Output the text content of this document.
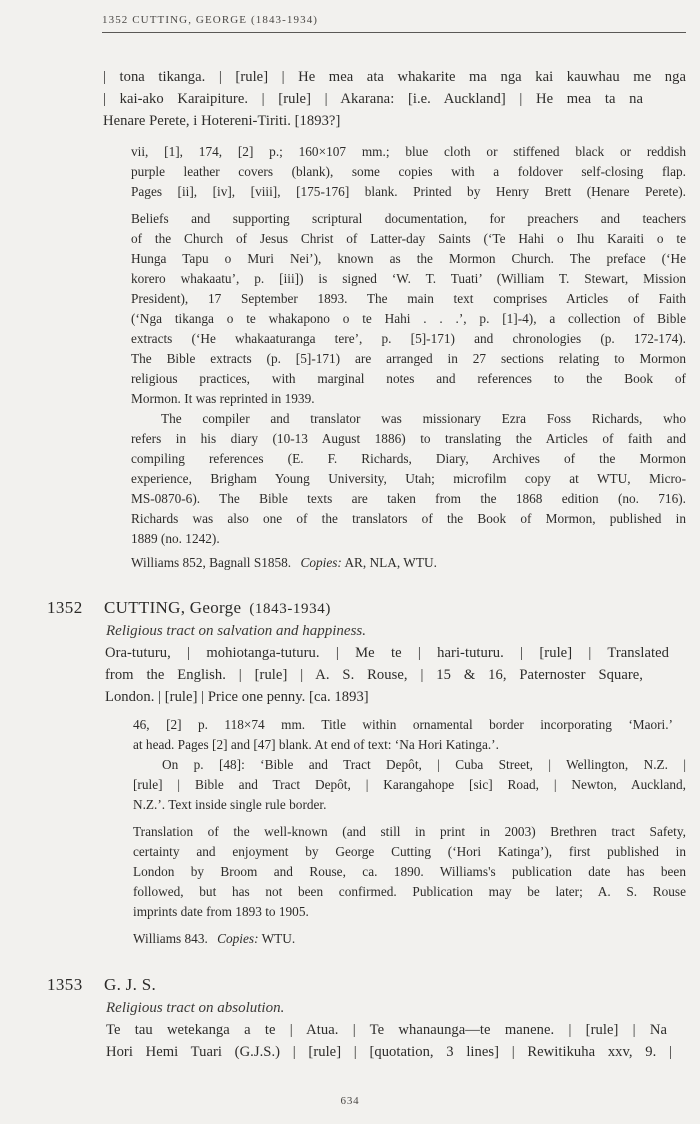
1352 CUTTING, GEORGE (1843-1934)
| tona tikanga. | [rule] | He mea ata whakarite ma nga kai kauwhau me nga
| kai-ako Karaipiture. | [rule] | Akarana: [i.e. Auckland] | He mea ta na
Henare Perete, i Hotereni-Tiriti. [1893?]
vii, [1], 174, [2] p.; 160×107 mm.; blue cloth or stiffened black or reddish
purple leather covers (blank), some copies with a foldover self-closing flap.
Pages [ii], [iv], [viii], [175-176] blank. Printed by Henry Brett (Henare Perete).
Beliefs and supporting scriptural documentation, for preachers and teachers
of the Church of Jesus Christ of Latter-day Saints (‘Te Hahi o Ihu Karaiti o te
Hunga Tapu o Muri Nei’), known as the Mormon Church. The preface (‘He
korero whakaatu’, p. [iii]) is signed ‘W. T. Tuati’ (William T. Stewart, Mission
President), 17 September 1893. The main text comprises Articles of Faith
(‘Nga tikanga o te whakapono o te Hahi . . .’, p. [1]-4), a collection of Bible
extracts (‘He whakaaturanga tere’, p. [5]-171) and chronologies (p. 172-174).
The Bible extracts (p. [5]-171) are arranged in 27 sections relating to Mormon
religious practices, with marginal notes and references to the Book of
Mormon. It was reprinted in 1939.
The compiler and translator was missionary Ezra Foss Richards, who
refers in his diary (10-13 August 1886) to translating the Articles of faith and
compiling references (E. F. Richards, Diary, Archives of the Mormon
experience, Brigham Young University, Utah; microfilm copy at WTU, Micro-
MS-0870-6). The Bible texts are taken from the 1868 edition (no. 716).
Richards was also one of the translators of the Book of Mormon, published in
1889 (no. 1242).
Williams 852, Bagnall S1858. Copies: AR, NLA, WTU.
1352 CUTTING, George (1843-1934)
Religious tract on salvation and happiness.
Ora-tuturu, | mohiotanga-tuturu. | Me te | hari-tuturu. | [rule] | Translated
from the English. | [rule] | A. S. Rouse, | 15 & 16, Paternoster Square,
London. | [rule] | Price one penny. [ca. 1893]
46, [2] p. 118×74 mm. Title within ornamental border incorporating ‘Maori.’
at head. Pages [2] and [47] blank. At end of text: ‘Na Hori Katinga.’.
On p. [48]: ‘Bible and Tract Depôt, | Cuba Street, | Wellington, N.Z. |
[rule] | Bible and Tract Depôt, | Karangahope [sic] Road, | Newton, Auckland,
N.Z.’. Text inside single rule border.
Translation of the well-known (and still in print in 2003) Brethren tract Safety,
certainty and enjoyment by George Cutting (‘Hori Katinga’), first published in
London by Broom and Rouse, ca. 1890. Williams's publication date has been
followed, but has not been confirmed. Publication may be later; A. S. Rouse
imprints date from 1893 to 1905.
Williams 843. Copies: WTU.
1353 G. J. S.
Religious tract on absolution.
Te tau wetekanga a te | Atua. | Te whanaunga—te manene. | [rule] | Na
Hori Hemi Tuari (G.J.S.) | [rule] | [quotation, 3 lines] | Rewitikuha xxv, 9. |
634
